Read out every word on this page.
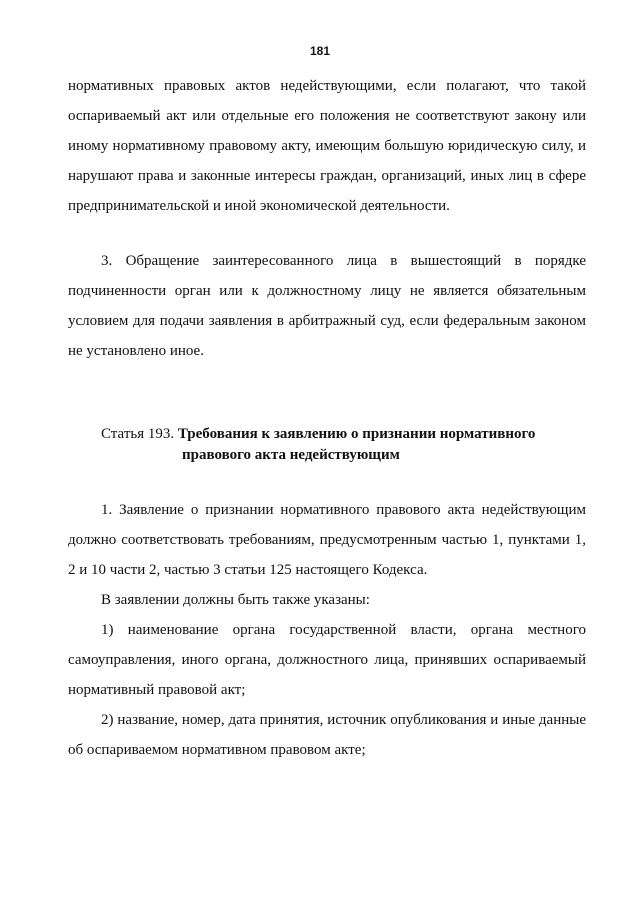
181

нормативных правовых актов недействующими, если полагают, что такой оспариваемый акт или отдельные его положения не соответствуют закону или иному нормативному правовому акту, имеющим большую юридическую силу, и нарушают права и законные интересы граждан, организаций, иных лиц в сфере предпринимательской и иной экономической деятельности.

3. Обращение заинтересованного лица в вышестоящий в порядке подчиненности орган или к должностному лицу не является обязательным условием для подачи заявления в арбитражный суд, если федеральным законом не установлено иное.

Статья 193. Требования к заявлению о признании нормативного
правового акта недействующим

1. Заявление о признании нормативного правового акта недействующим должно соответствовать требованиям, предусмотренным частью 1, пунктами 1, 2 и 10 части 2, частью 3 статьи 125 настоящего Кодекса.

В заявлении должны быть также указаны:

1) наименование органа государственной власти, органа местного самоуправления, иного органа, должностного лица, принявших оспариваемый нормативный правовой акт;

2) название, номер, дата принятия, источник опубликования и иные данные об оспариваемом нормативном правовом акте;
